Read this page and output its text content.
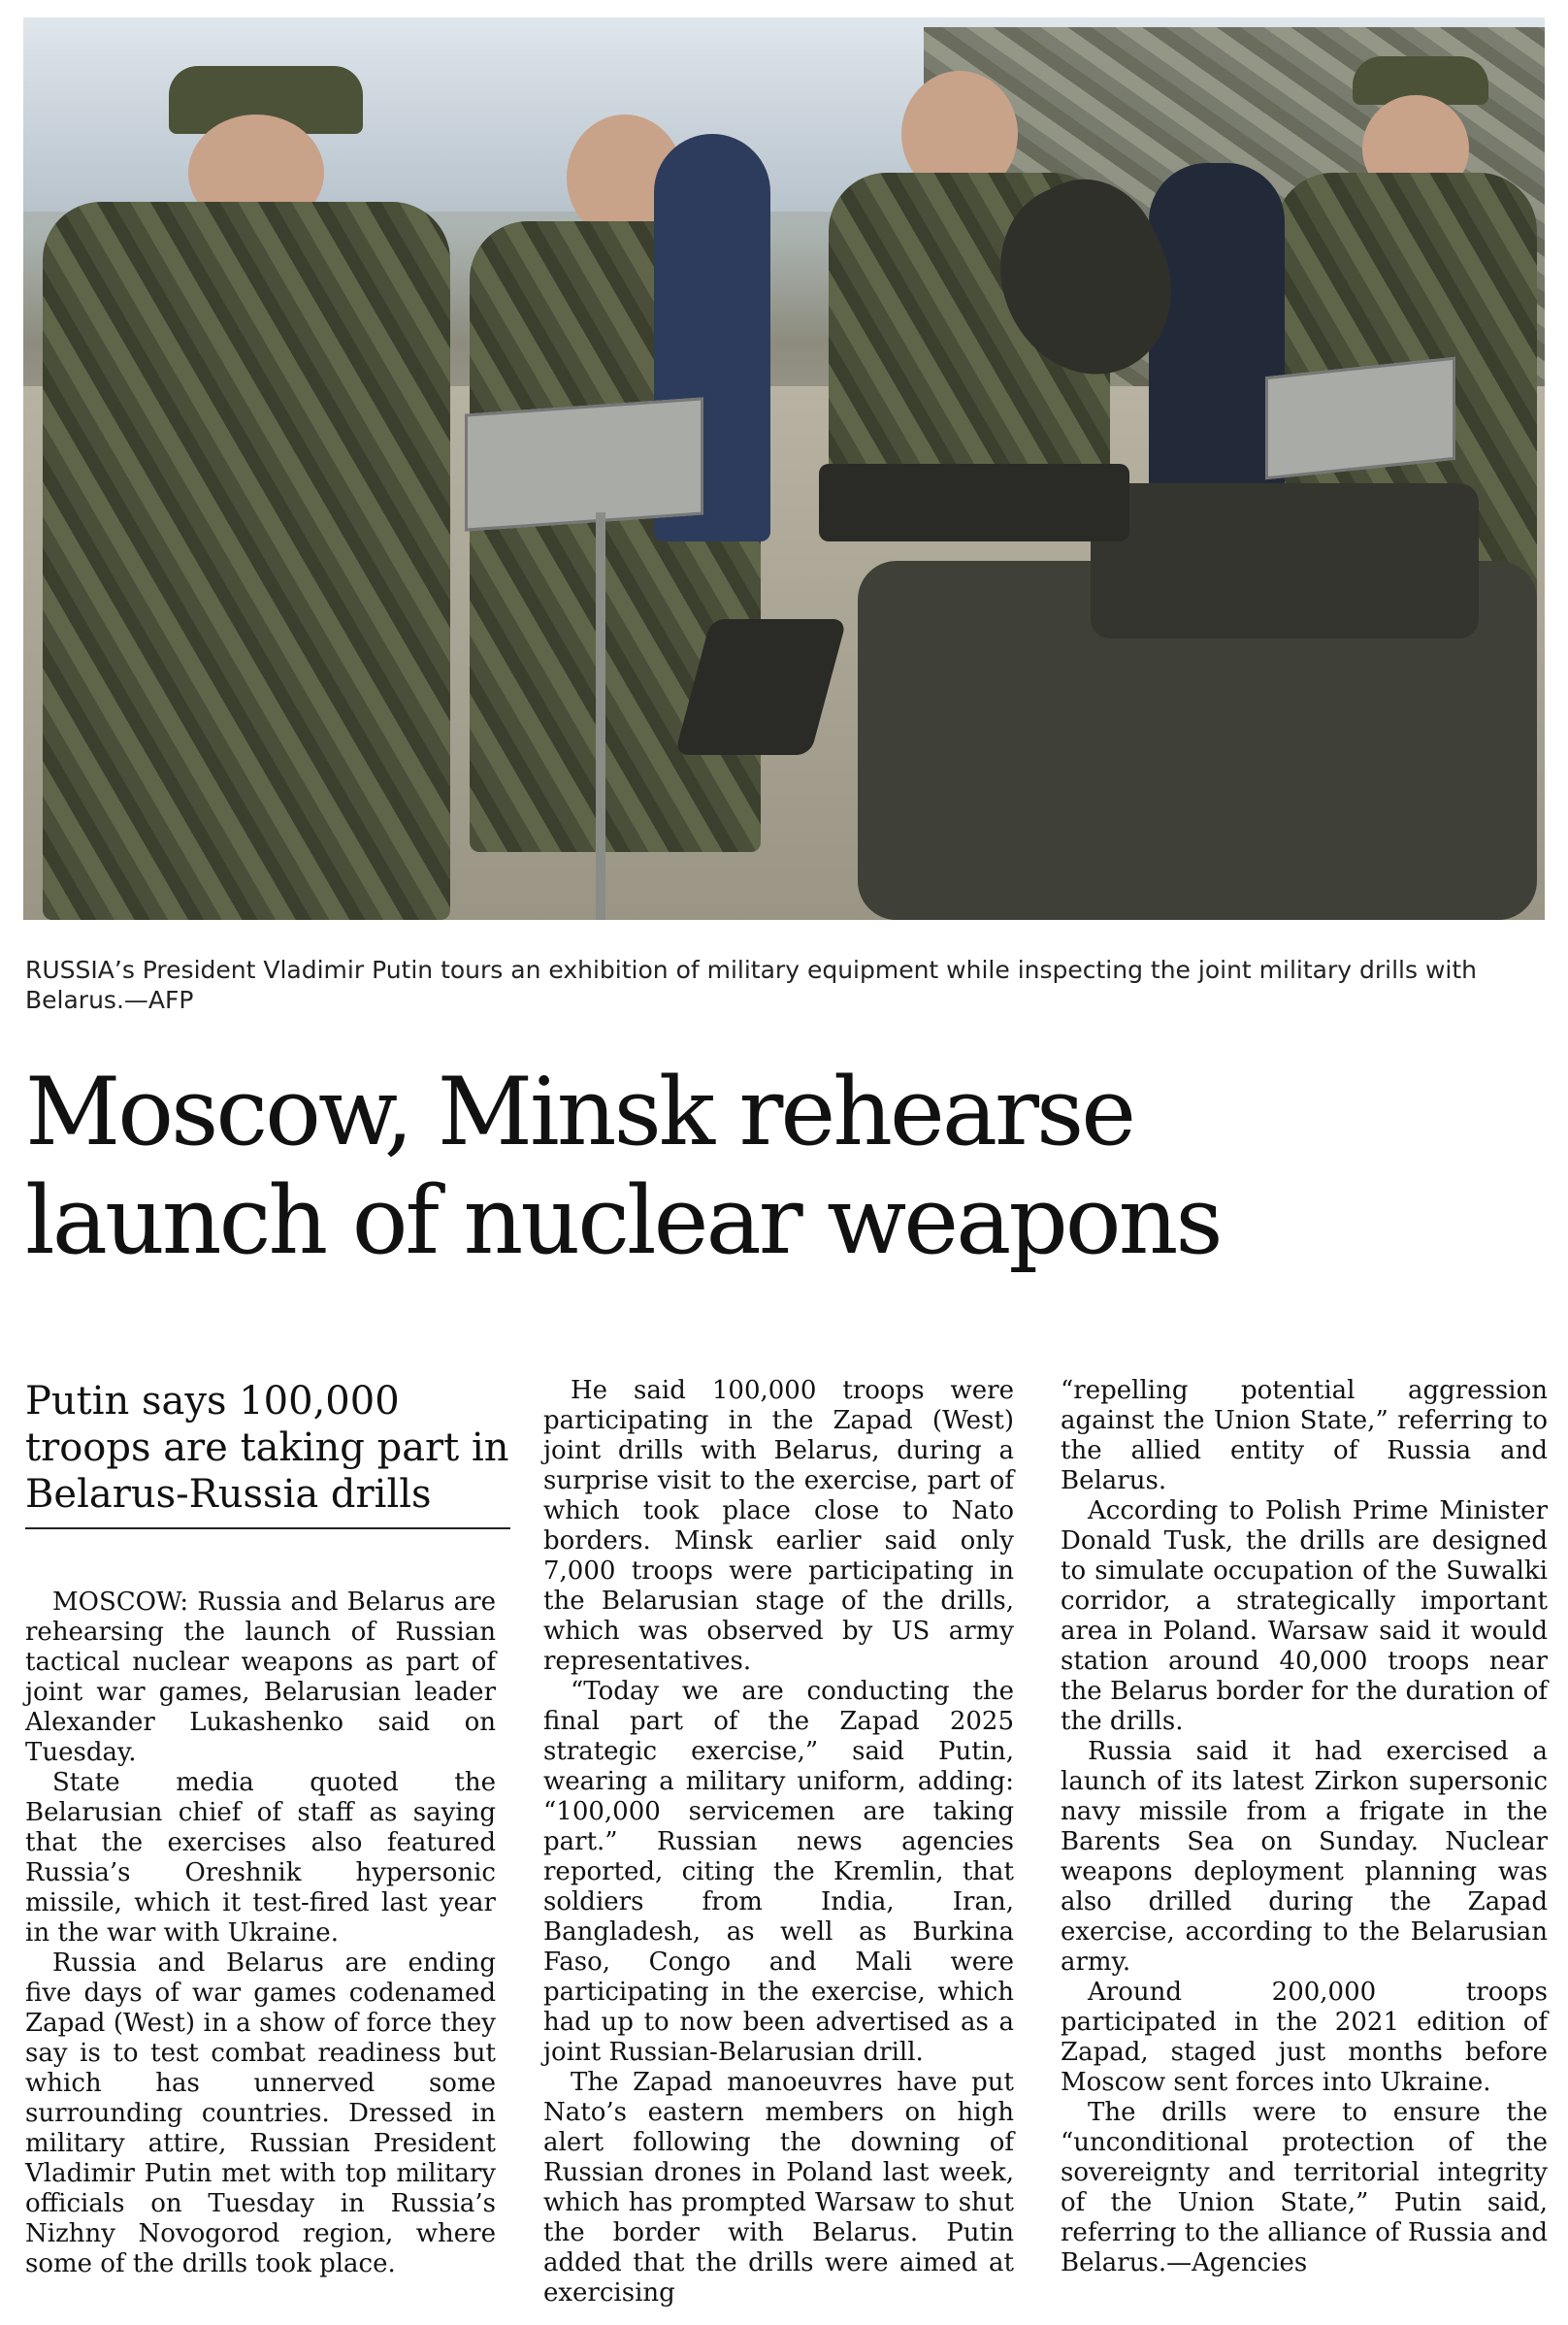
RUSSIA’s President Vladimir Putin tours an exhibition of military equipment while inspecting the joint military drills with Belarus.—AFP

Moscow, Minsk rehearse
launch of nuclear weapons
Putin says 100,000 troops are taking part in Belarus-Russia drills

MOSCOW: Russia and Belarus are rehearsing the launch of Russian tactical nuclear weapons as part of joint war games, Belarusian leader Alexander Lukashenko said on Tuesday.

State media quoted the Belarusian chief of staff as saying that the exercises also featured Russia’s Oreshnik hypersonic missile, which it test-fired last year in the war with Ukraine.

Russia and Belarus are ending five days of war games codenamed Zapad (West) in a show of force they say is to test combat readiness but which has unnerved some surrounding countries. Dressed in military attire, Russian President Vladimir Putin met with top military officials on Tuesday in Russia’s Nizhny Novogorod region, where some of the drills took place.

He said 100,000 troops were participating in the Zapad (West) joint drills with Belarus, during a surprise visit to the exercise, part of which took place close to Nato borders. Minsk earlier said only 7,000 troops were participating in the Belarusian stage of the drills, which was observed by US army representatives.

“Today we are conducting the final part of the Zapad 2025 strategic exercise,” said Putin, wearing a military uniform, adding: “100,000 servicemen are taking part.” Russian news agencies reported, citing the Kremlin, that soldiers from India, Iran, Bangladesh, as well as Burkina Faso, Congo and Mali were participating in the exercise, which had up to now been advertised as a joint Russian-Belarusian drill.

The Zapad manoeuvres have put Nato’s eastern members on high alert following the downing of Russian drones in Poland last week, which has prompted Warsaw to shut the border with Belarus. Putin added that the drills were aimed at exercising

“repelling potential aggression against the Union State,” referring to the allied entity of Russia and Belarus.

According to Polish Prime Minister Donald Tusk, the drills are designed to simulate occupation of the Suwalki corridor, a strategically important area in Poland. Warsaw said it would station around 40,000 troops near the Belarus border for the duration of the drills.

Russia said it had exercised a launch of its latest Zirkon supersonic navy missile from a frigate in the Barents Sea on Sunday. Nuclear weapons deployment planning was also drilled during the Zapad exercise, according to the Belarusian army.

Around 200,000 troops participated in the 2021 edition of Zapad, staged just months before Moscow sent forces into Ukraine.

The drills were to ensure the “unconditional protection of the sovereignty and territorial integrity of the Union State,” Putin said, referring to the alliance of Russia and Belarus.—Agencies
